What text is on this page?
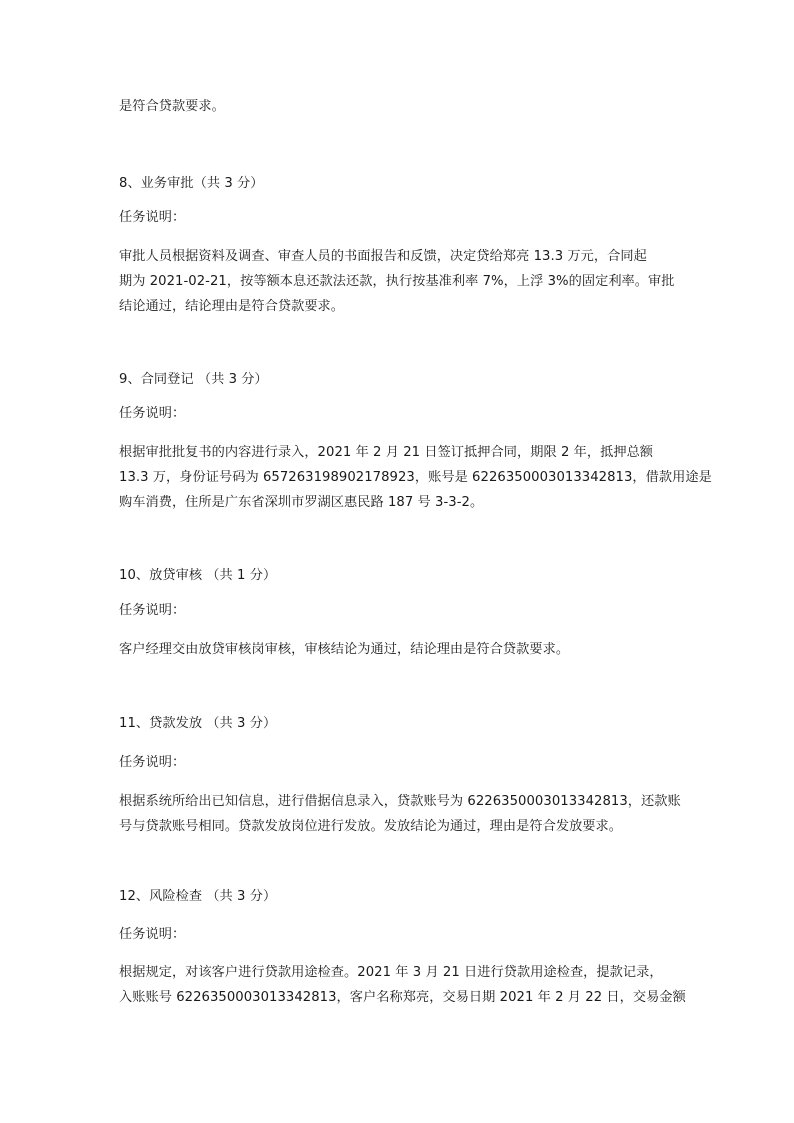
是符合贷款要求。
8、业务审批（共 3 分）
任务说明：
审批人员根据资料及调查、审查人员的书面报告和反馈，决定贷给郑亮 13.3 万元，合同起
期为 2021-02-21，按等额本息还款法还款，执行按基准利率 7%，上浮 3%的固定利率。审批
结论通过，结论理由是符合贷款要求。
9、合同登记 （共 3 分）
任务说明：
根据审批批复书的内容进行录入，2021 年 2 月 21 日签订抵押合同，期限 2 年，抵押总额
13.3 万，身份证号码为 657263198902178923，账号是 6226350003013342813，借款用途是
购车消费，住所是广东省深圳市罗湖区惠民路 187 号 3-3-2。
10、放贷审核 （共 1 分）
任务说明：
客户经理交由放贷审核岗审核，审核结论为通过，结论理由是符合贷款要求。
11、贷款发放 （共 3 分）
任务说明：
根据系统所给出已知信息，进行借据信息录入，贷款账号为 6226350003013342813，还款账
号与贷款账号相同。贷款发放岗位进行发放。发放结论为通过，理由是符合发放要求。
12、风险检查 （共 3 分）
任务说明：
根据规定，对该客户进行贷款用途检查。2021 年 3 月 21 日进行贷款用途检查，提款记录，
入账账号 6226350003013342813，客户名称郑亮，交易日期 2021 年 2 月 22 日，交易金额
